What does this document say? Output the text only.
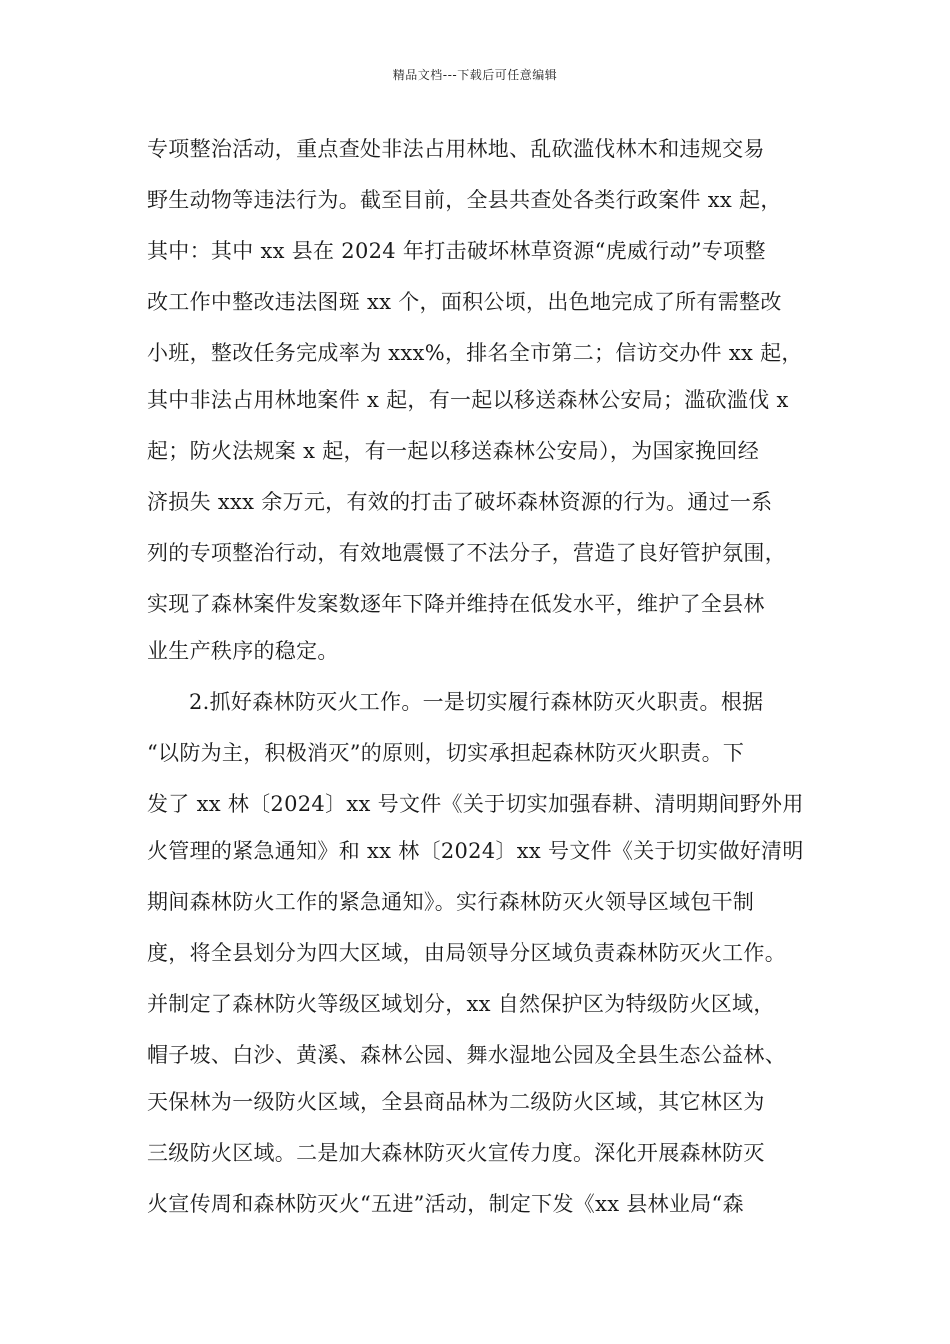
精品文档---下载后可任意编辑
专项整治活动，重点查处非法占用林地、乱砍滥伐林木和违规交易
野生动物等违法行为。截至目前，全县共查处各类行政案件 xx 起，
其中：其中 xx 县在 2024 年打击破坏林草资源“虎威行动”专项整
改工作中整改违法图斑 xx 个，面积公顷，出色地完成了所有需整改
小班，整改任务完成率为 xxx%，排名全市第二；信访交办件 xx 起，
其中非法占用林地案件 x 起，有一起以移送森林公安局；滥砍滥伐 x
起；防火法规案 x 起，有一起以移送森林公安局），为国家挽回经
济损失 xxx 余万元，有效的打击了破坏森林资源的行为。通过一系
列的专项整治行动，有效地震慑了不法分子，营造了良好管护氛围，
实现了森林案件发案数逐年下降并维持在低发水平，维护了全县林
业生产秩序的稳定。
2.抓好森林防灭火工作。一是切实履行森林防灭火职责。根据
“以防为主，积极消灭”的原则，切实承担起森林防灭火职责。下
发了 xx 林〔2024〕xx 号文件《关于切实加强春耕、清明期间野外用
火管理的紧急通知》和 xx 林〔2024〕xx 号文件《关于切实做好清明
期间森林防火工作的紧急通知》。实行森林防灭火领导区域包干制
度，将全县划分为四大区域，由局领导分区域负责森林防灭火工作。
并制定了森林防火等级区域划分，xx 自然保护区为特级防火区域，
帽子坡、白沙、黄溪、森林公园、舞水湿地公园及全县生态公益林、
天保林为一级防火区域，全县商品林为二级防火区域，其它林区为
三级防火区域。二是加大森林防灭火宣传力度。深化开展森林防灭
火宣传周和森林防灭火“五进”活动，制定下发《xx 县林业局“森
